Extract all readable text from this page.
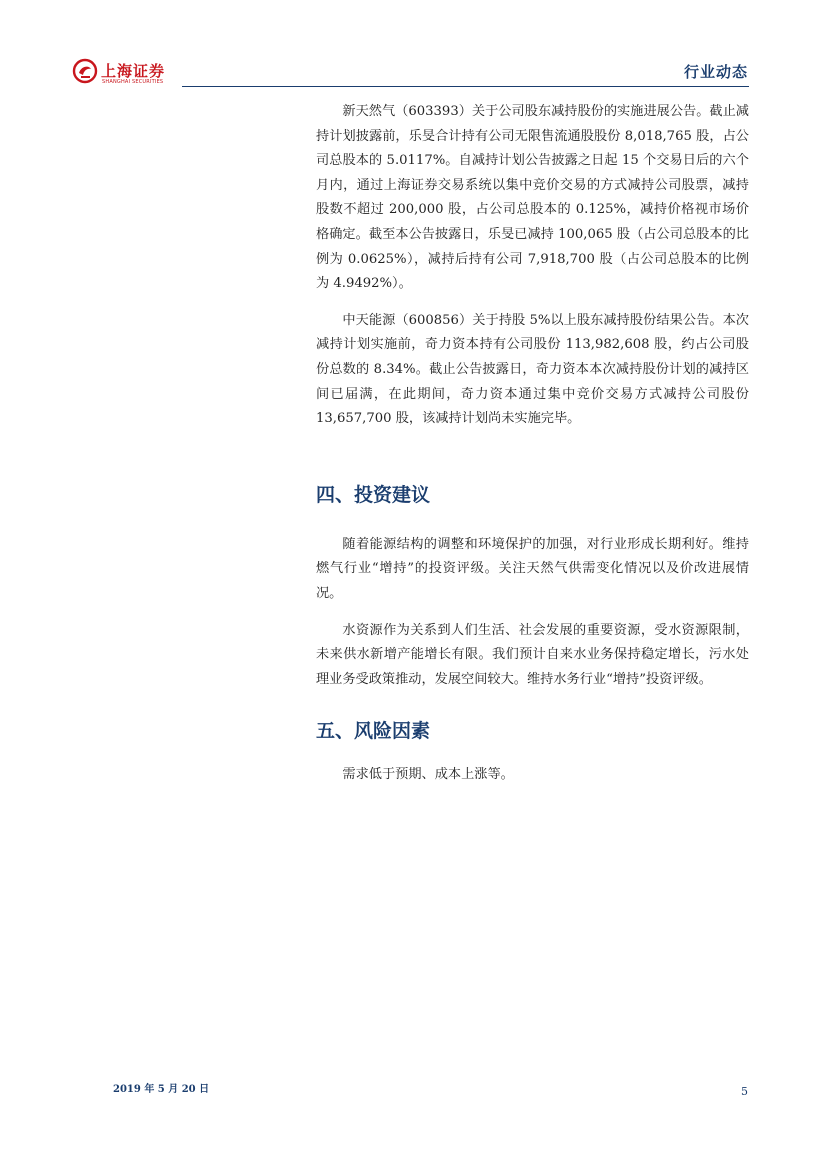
上海证券
SHANGHAI SECURITIES
行业动态

新天然气（603393）关于公司股东减持股份的实施进展公告。截止减持计划披露前，乐旻合计持有公司无限售流通股股份 8,018,765 股，占公司总股本的 5.0117%。自减持计划公告披露之日起 15 个交易日后的六个月内，通过上海证券交易系统以集中竞价交易的方式减持公司股票，减持股数不超过 200,000 股，占公司总股本的 0.125%，减持价格视市场价格确定。截至本公告披露日，乐旻已减持 100,065 股（占公司总股本的比例为 0.0625%），减持后持有公司 7,918,700 股（占公司总股本的比例为 4.9492%）。

中天能源（600856）关于持股 5%以上股东减持股份结果公告。本次减持计划实施前，奇力资本持有公司股份 113,982,608 股，约占公司股份总数的 8.34%。截止公告披露日，奇力资本本次减持股份计划的减持区间已届满，在此期间，奇力资本通过集中竞价交易方式减持公司股份 13,657,700 股，该减持计划尚未实施完毕。

四、投资建议

随着能源结构的调整和环境保护的加强，对行业形成长期利好。维持燃气行业“增持”的投资评级。关注天然气供需变化情况以及价改进展情况。

水资源作为关系到人们生活、社会发展的重要资源，受水资源限制，未来供水新增产能增长有限。我们预计自来水业务保持稳定增长，污水处理业务受政策推动，发展空间较大。维持水务行业“增持”投资评级。

五、风险因素

需求低于预期、成本上涨等。

2019 年 5 月 20 日	5
